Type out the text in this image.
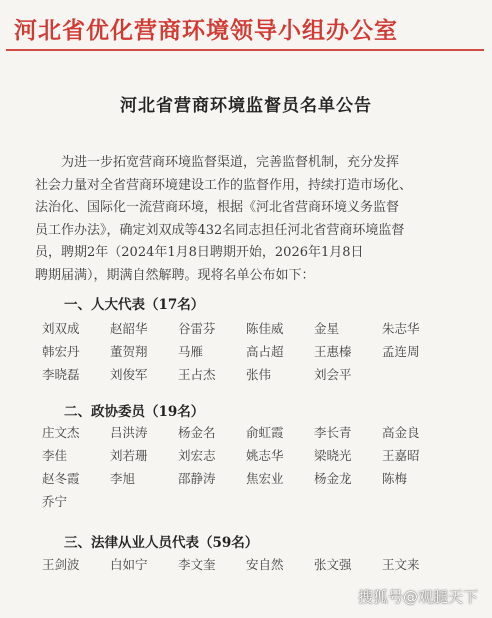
河北省优化营商环境领导小组办公室
河北省营商环境监督员名单公告
为进一步拓宽营商环境监督渠道，完善监督机制，充分发挥
社会力量对全省营商环境建设工作的监督作用，持续打造市场化、
法治化、国际化一流营商环境，根据《河北省营商环境义务监督
员工作办法》，确定刘双成等432名同志担任河北省营商环境监督
员，聘期2年（2024年1月8日聘期开始，2026年1月8日
聘期届满），期满自然解聘。现将名单公布如下：
一、人大代表（17名）
刘双成	赵韶华	谷雷芬	陈佳威	金星	朱志华
韩宏丹	董贺翔	马雁	高占超	王惠榛	孟连周
李晓磊	刘俊军	王占杰	张伟	刘会平
二、政协委员（19名）
庄文杰	吕洪涛	杨金名	俞虹霞	李长青	高金良
李佳	刘若珊	刘宏志	姚志华	梁晓光	王嘉昭
赵冬霞	李旭	邵静涛	焦宏业	杨金龙	陈梅
乔宁
三、法律从业人员代表（59名）
王剑波	白如宁	李文奎	安自然	张文强	王文来
搜狐号@观腿天下
